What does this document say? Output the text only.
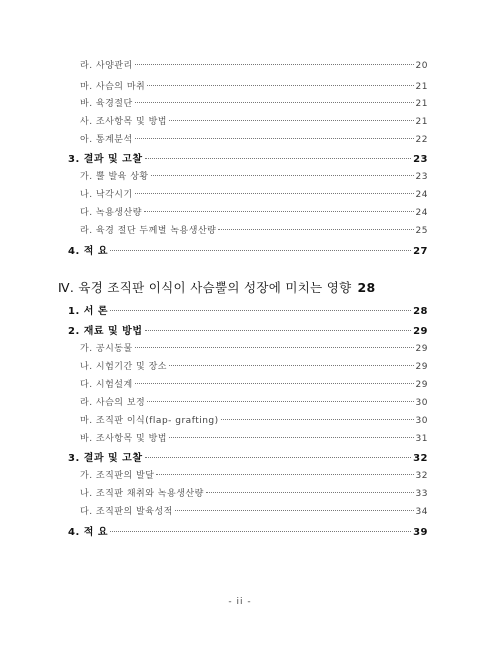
라. 사양관리	20
마. 사슴의 마취	21
바. 육경절단	21
사. 조사항목 및 방법	21
아. 통계분석	22
3. 결과 및 고찰	23
가. 뿔 발육 상황	23
나. 낙각시기	24
다. 녹용생산량	24
라. 육경 절단 두께별 녹용생산량	25
4. 적 요	27
Ⅳ. 육경 조직판 이식이 사슴뿔의 성장에 미치는 영향 28
1. 서 론	28
2. 재료 및 방법	29
가. 공시동물	29
나. 시험기간 및 장소	29
다. 시험설계	29
라. 사슴의 보정	30
마. 조직판 이식(flap- grafting)	30
바. 조사항목 및 방법	31
3. 결과 및 고찰	32
가. 조직판의 발달	32
나. 조직판 채취와 녹용생산량	33
다. 조직판의 발육성적	34
4. 적 요	39
- ii -
